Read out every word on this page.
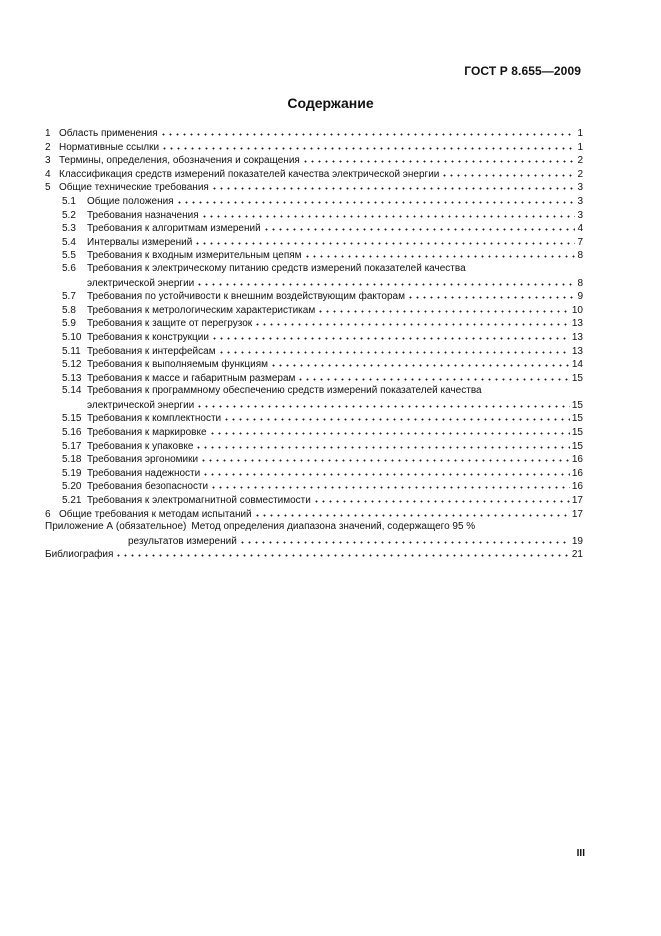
ГОСТ Р 8.655—2009
Содержание
1 Область применения	1
2 Нормативные ссылки	1
3 Термины, определения, обозначения и сокращения	2
4 Классификация средств измерений показателей качества электрической энергии	2
5 Общие технические требования	3
5.1	Общие положения	3
5.2	Требования назначения	3
5.3	Требования к алгоритмам измерений	4
5.4	Интервалы измерений	7
5.5	Требования к входным измерительным цепям	8
5.6	Требования к электрическому питанию средств измерений показателей качества
электрической энергии	8
5.7	Требования по устойчивости к внешним воздействующим факторам	9
5.8	Требования к метрологическим характеристикам	10
5.9	Требования к защите от перегрузок	13
5.10 Требования к конструкции	13
5.11 Требования к интерфейсам	13
5.12 Требования к выполняемым функциям	14
5.13 Требования к массе и габаритным размерам	15
5.14 Требования к программному обеспечению средств измерений показателей качества
электрической энергии	15
5.15 Требования к комплектности	15
5.16 Требования к маркировке	15
5.17 Требования к упаковке	15
5.18 Требования эргономики	16
5.19 Требования надежности	16
5.20 Требования безопасности	16
5.21 Требования к электромагнитной совместимости	17
6 Общие требования к методам испытаний	17
Приложение А (обязательное) Метод определения диапазона значений, содержащего 95 %
результатов измерений	19
Библиография	21
III
